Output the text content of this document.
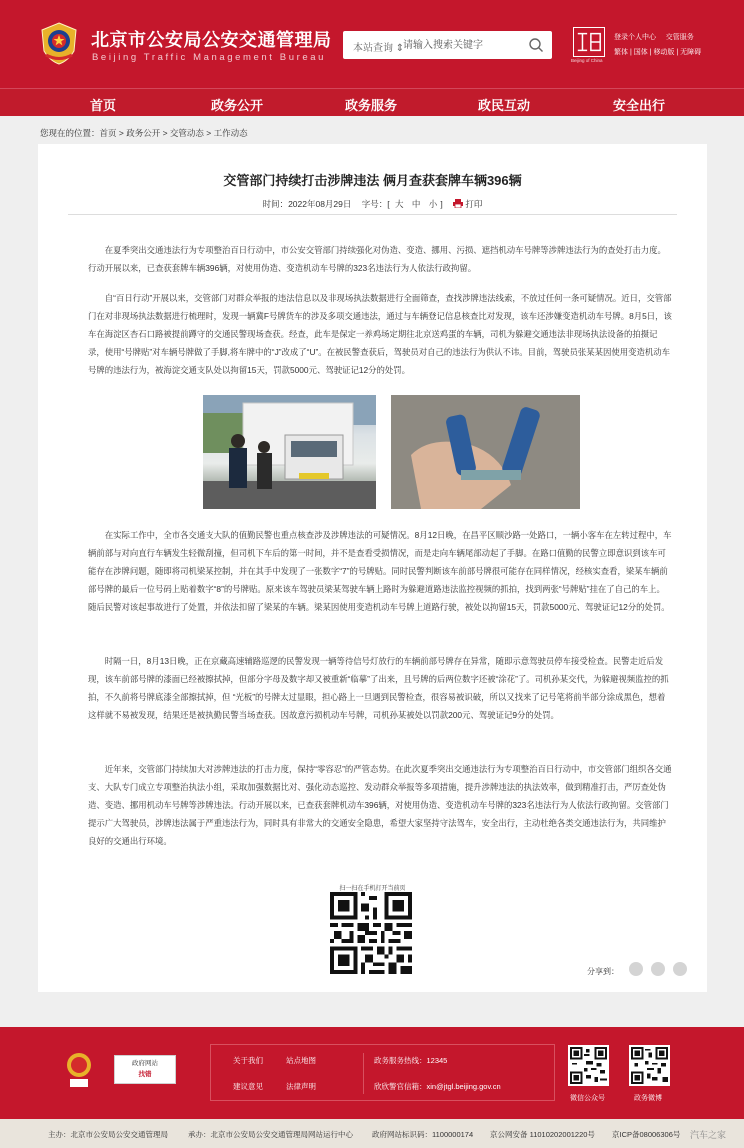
北京市公安局公安交通管理局
Beijing Traffic Management Bureau
本站查询 ⇕
请输入搜索关键字
Beijing of China
登录个人中心 交管服务
繁体 | 国体 | 移动版 | 无障碍
首页	政务公开	政务服务	政民互动	安全出行
您现在的位置：首页 > 政务公开 > 交管动态 > 工作动态
交管部门持续打击涉牌违法 俩月查获套牌车辆396辆
时间：2022年08月29日 字号：[ 大 中 小 ]  打印

在夏季突出交通违法行为专项整治百日行动中，市公安交管部门持续强化对伪造、变造、挪用、污损、遮挡机动车号牌等涉牌违法行为的查处打击力度。行动开展以来，已查获套牌车辆396辆，对使用伪造、变造机动车号牌的323名违法行为人依法行政拘留。

自“百日行动”开展以来，交管部门对群众举报的违法信息以及非现场执法数据进行全面筛查，查找涉牌违法线索，不放过任何一条可疑情况。近日，交管部门在对非现场执法数据进行梳理时，发现一辆冀F号牌货车的涉及多项交通违法，通过与车辆登记信息核查比对发现，该车还涉嫌变造机动车号牌。8月5日，该车在海淀区杏石口路被提前蹲守的交通民警现场查获。经查，此车是保定一养鸡场定期往北京送鸡蛋的车辆，司机为躲避交通违法非现场执法设备的拍摄记录，使用“号牌贴”对车辆号牌做了手脚,将车牌中的“J”改成了“U”。在被民警查获后，驾驶员对自己的违法行为供认不讳。目前，驾驶员张某某因使用变造机动车号牌的违法行为，被海淀交通支队处以拘留15天，罚款5000元、驾驶证记12分的处罚。

在实际工作中，全市各交通支大队的值勤民警也重点核查涉及涉牌违法的可疑情况。8月12日晚，在昌平区顺沙路一处路口，一辆小客车在左转过程中，车辆前部与对向直行车辆发生轻微刮撞，但司机下车后的第一时间，并不是查看受损情况，而是走向车辆尾部动起了手脚。在路口值勤的民警立即意识到该车可能存在涉牌问题，随即将司机梁某控制，并在其手中发现了一张数字“7”的号牌贴。同时民警判断该车前部号牌很可能存在同样情况，经核实查看，梁某车辆前部号牌的最后一位号码上贴着数字“8”的号牌贴。原来该车驾驶员梁某驾驶车辆上路时为躲避道路违法监控视频的抓拍，找到两张“号牌贴”挂在了自己的车上。随后民警对该起事故进行了处置，并依法扣留了梁某的车辆。梁某因使用变造机动车号牌上道路行驶，被处以拘留15天，罚款5000元、驾驶证记12分的处罚。

时隔一日，8月13日晚，正在京藏高速辅路巡逻的民警发现一辆等待信号灯放行的车辆前部号牌存在异常，随即示意驾驶员停车接受检查。民警走近后发现，该车前部号牌的漆面已经被擦拭掉，但部分字母及数字却又被重新“临摹”了出来，且号牌的后两位数字还被“涂花”了。司机孙某交代，为躲避视频监控的抓拍，不久前将号牌底漆全部擦拭掉，但 “光板”的号牌太过显眼，担心路上一旦遇到民警检查，很容易被识破，所以又找来了记号笔将前半部分涂成黑色，想着这样就不易被发现，结果还是被执勤民警当场查获。因故意污损机动车号牌，司机孙某被处以罚款200元、驾驶证记9分的处罚。

近年来，交管部门持续加大对涉牌违法的打击力度，保持“零容忍”的严管态势。在此次夏季突出交通违法行为专项整治百日行动中，市交管部门组织各交通支、大队专门成立专项整治执法小组，采取加强数据比对、强化动态巡控、发动群众举报等多项措施，提升涉牌违法的执法效率，做到精准打击，严厉查处伪造、变造、挪用机动车号牌等涉牌违法。行动开展以来，已查获套牌机动车396辆，对使用伪造、变造机动车号牌的323名违法行为人依法行政拘留。交管部门提示广大驾驶员，涉牌违法属于严重违法行为，同时具有非常大的交通安全隐患，希望大家坚持守法驾车，安全出行，主动杜绝各类交通违法行为，共同维护良好的交通出行环境。

扫一扫在手机打开当前页
分享到：
政府网站
找错
关于我们	站点地图
建议意见	法律声明
政务服务热线：12345
欣欣警官信箱：xin@jtgl.beijing.gov.cn
微信公众号	政务微博
主办：北京市公安局公安交通管理局	承办：北京市公安局公安交通管理局网站运行中心	政府网站标识码：1100000174 京公网安备 11010202001220号 京ICP备08006306号 汽车之家
